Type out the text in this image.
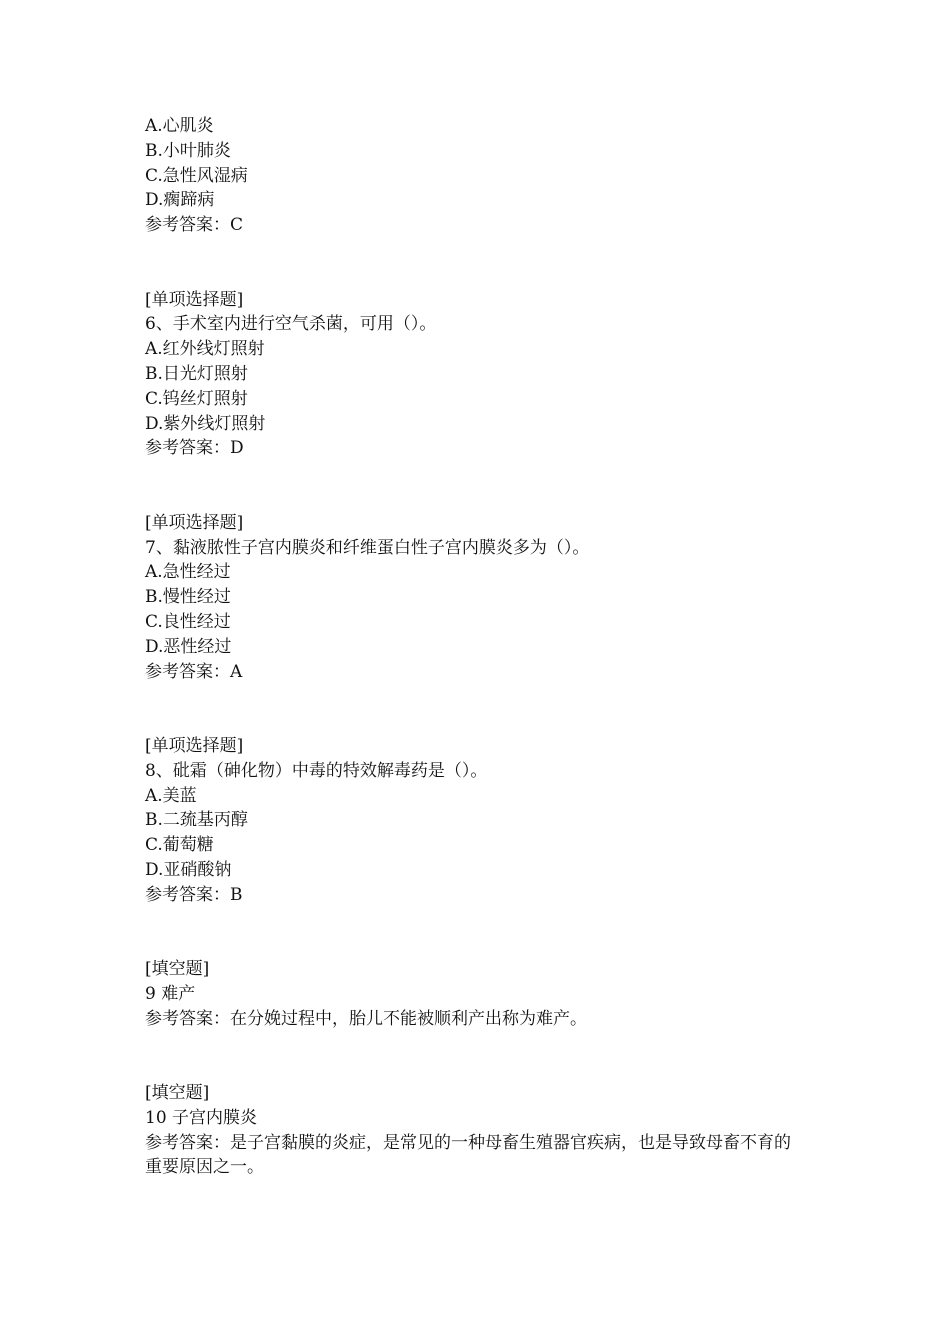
A.心肌炎
B.小叶肺炎
C.急性风湿病
D.瘸蹄病
参考答案：C
[单项选择题]
6、手术室内进行空气杀菌，可用（）。
A.红外线灯照射
B.日光灯照射
C.钨丝灯照射
D.紫外线灯照射
参考答案：D
[单项选择题]
7、黏液脓性子宫内膜炎和纤维蛋白性子宫内膜炎多为（）。
A.急性经过
B.慢性经过
C.良性经过
D.恶性经过
参考答案：A
[单项选择题]
8、砒霜（砷化物）中毒的特效解毒药是（）。
A.美蓝
B.二巯基丙醇
C.葡萄糖
D.亚硝酸钠
参考答案：B
[填空题]
9 难产
参考答案：在分娩过程中，胎儿不能被顺利产出称为难产。
[填空题]
10 子宫内膜炎
参考答案：是子宫黏膜的炎症，是常见的一种母畜生殖器官疾病，也是导致母畜不育的重要原因之一。
